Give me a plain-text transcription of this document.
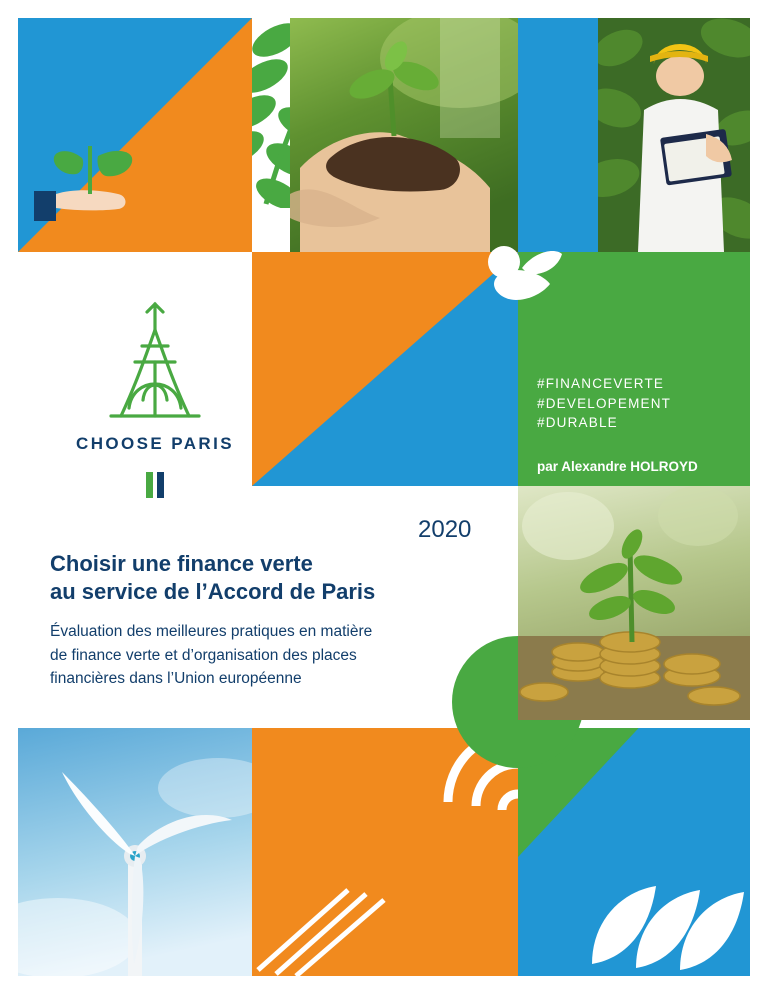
CHOOSE PARIS
#FINANCEVERTE
#DEVELOPEMENT
#DURABLE
par Alexandre HOLROYD
2020
Choisir une finance verte
au service de l’Accord de Paris

Évaluation des meilleures pratiques en matière
de finance verte et d’organisation des places
financières dans l’Union européenne
